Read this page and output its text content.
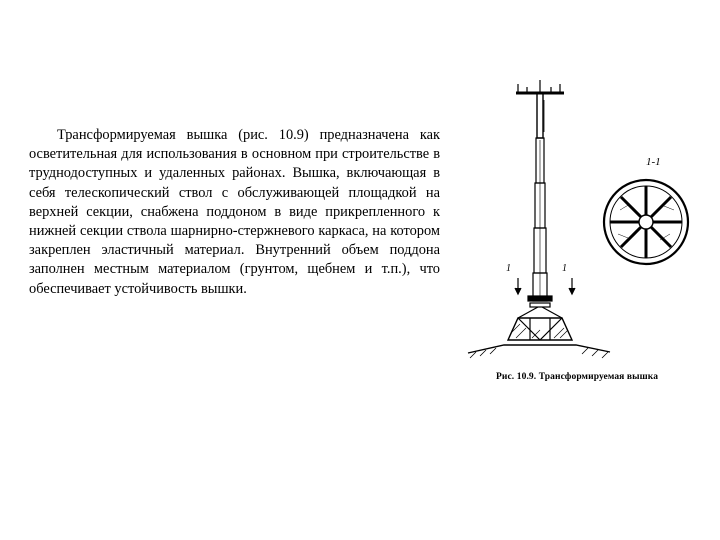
Трансформируемая вышка (рис. 10.9) предназначена как осветительная для использования в основном при строительстве в труднодоступных и удаленных районах. Вышка, включающая в себя телескопический ствол с обслуживающей площадкой на верхней секции, снабжена поддоном в виде прикрепленного к нижней секции ствола шарнирно-стержневого каркаса, на котором закреплен эластичный материал. Внутренний объем поддона заполнен местным материалом (грунтом, щебнем и т.п.), что обеспечивает устойчивость вышки.

1-1
1	1
Рис. 10.9. Трансформируемая вышка
